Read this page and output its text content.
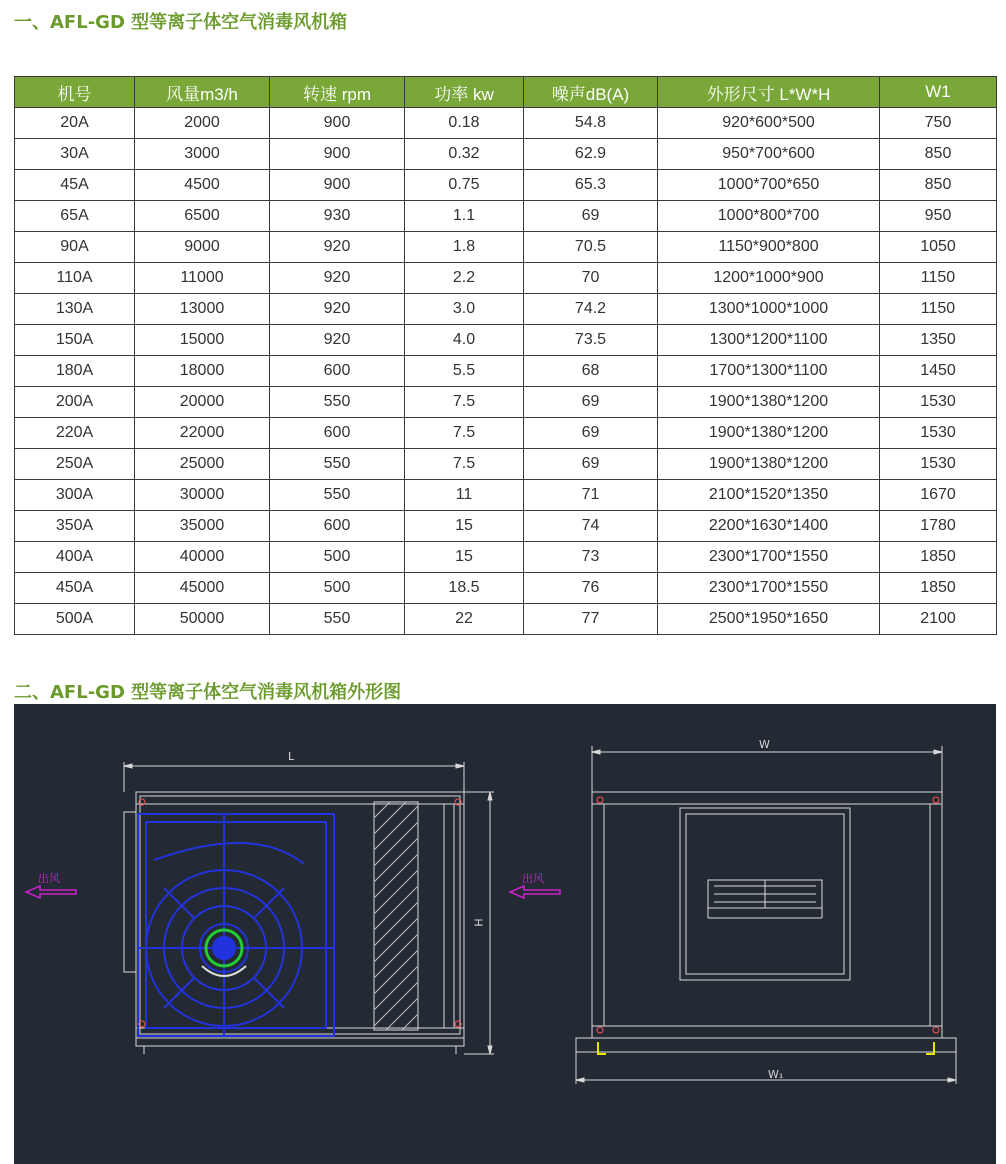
一、AFL-GD 型等离子体空气消毒风机箱
机号	风量m3/h	转速 rpm	功率 kw	噪声dB(A)	外形尺寸 L*W*H	W1
20A	2000	900	0.18	54.8	920*600*500	750
30A	3000	900	0.32	62.9	950*700*600	850
45A	4500	900	0.75	65.3	1000*700*650	850
65A	6500	930	1.1	69	1000*800*700	950
90A	9000	920	1.8	70.5	1150*900*800	1050
110A	11000	920	2.2	70	1200*1000*900	1150
130A	13000	920	3.0	74.2	1300*1000*1000	1150
150A	15000	920	4.0	73.5	1300*1200*1100	1350
180A	18000	600	5.5	68	1700*1300*1100	1450
200A	20000	550	7.5	69	1900*1380*1200	1530
220A	22000	600	7.5	69	1900*1380*1200	1530
250A	25000	550	7.5	69	1900*1380*1200	1530
300A	30000	550	11	71	2100*1520*1350	1670
350A	35000	600	15	74	2200*1630*1400	1780
400A	40000	500	15	73	2300*1700*1550	1850
450A	45000	500	18.5	76	2300*1700*1550	1850
500A	50000	550	22	77	2500*1950*1650	2100
二、AFL-GD 型等离子体空气消毒风机箱外形图
L
H
出风
W
W₁
出风
